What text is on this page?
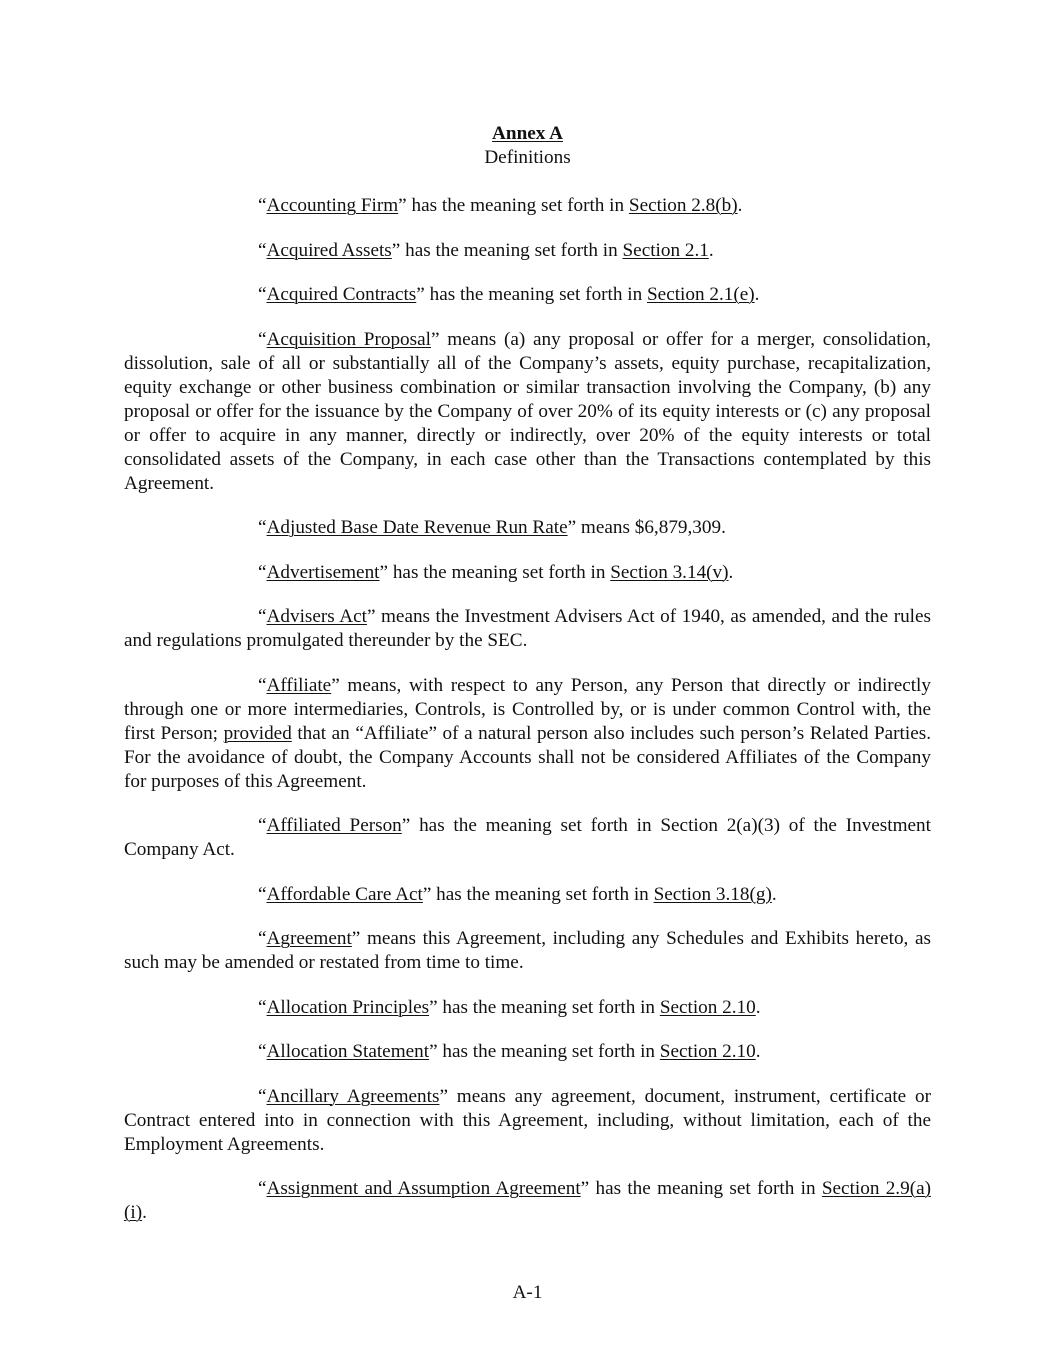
Annex A
Definitions

“Accounting Firm” has the meaning set forth in Section 2.8(b).

“Acquired Assets” has the meaning set forth in Section 2.1.

“Acquired Contracts” has the meaning set forth in Section 2.1(e).

“Acquisition Proposal” means (a) any proposal or offer for a merger, consolidation, dissolution, sale of all or substantially all of the Company’s assets, equity purchase, recapitalization, equity exchange or other business combination or similar transaction involving the Company, (b) any proposal or offer for the issuance by the Company of over 20% of its equity interests or (c) any proposal or offer to acquire in any manner, directly or indirectly, over 20% of the equity interests or total consolidated assets of the Company, in each case other than the Transactions contemplated by this Agreement.

“Adjusted Base Date Revenue Run Rate” means $6,879,309.

“Advertisement” has the meaning set forth in Section 3.14(v).

“Advisers Act” means the Investment Advisers Act of 1940, as amended, and the rules and regulations promulgated thereunder by the SEC.

“Affiliate” means, with respect to any Person, any Person that directly or indirectly through one or more intermediaries, Controls, is Controlled by, or is under common Control with, the first Person; provided that an “Affiliate” of a natural person also includes such person’s Related Parties. For the avoidance of doubt, the Company Accounts shall not be considered Affiliates of the Company for purposes of this Agreement.

“Affiliated Person” has the meaning set forth in Section 2(a)(3) of the Investment Company Act.

“Affordable Care Act” has the meaning set forth in Section 3.18(g).

“Agreement” means this Agreement, including any Schedules and Exhibits hereto, as such may be amended or restated from time to time.

“Allocation Principles” has the meaning set forth in Section 2.10.

“Allocation Statement” has the meaning set forth in Section 2.10.

“Ancillary Agreements” means any agreement, document, instrument, certificate or Contract entered into in connection with this Agreement, including, without limitation, each of the Employment Agreements.

“Assignment and Assumption Agreement” has the meaning set forth in Section 2.9(a)(i).

A-1
